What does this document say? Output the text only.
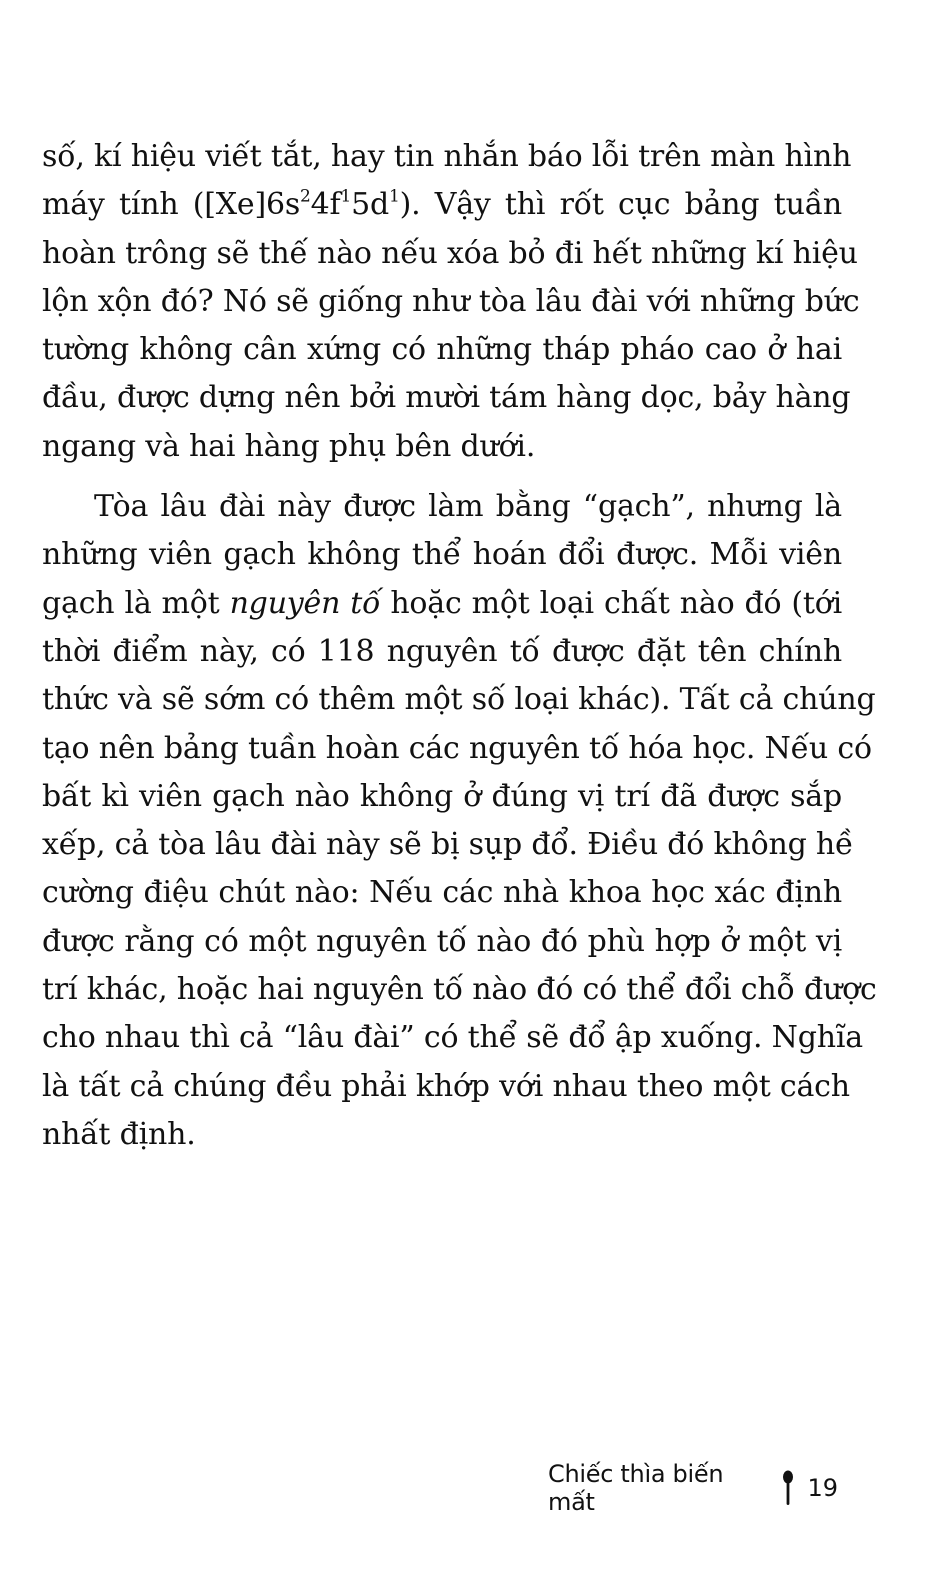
số, kí hiệu viết tắt, hay tin nhắn báo lỗi trên màn hình
máy tính $([Xe]6s^24f^15d^1)$. Vậy thì rốt cục bảng tuần
hoàn trông sẽ thế nào nếu xóa bỏ đi hết những kí hiệu
lộn xộn đó? Nó sẽ giống như tòa lâu đài với những bức
tường không cân xứng có những tháp pháo cao ở hai
đầu, được dựng nên bởi mười tám hàng dọc, bảy hàng
ngang và hai hàng phụ bên dưới.
Tòa lâu đài này được làm bằng “gạch”, nhưng là
những viên gạch không thể hoán đổi được. Mỗi viên
gạch là một nguyên tố hoặc một loại chất nào đó (tới
thời điểm này, có 118 nguyên tố được đặt tên chính
thức và sẽ sớm có thêm một số loại khác). Tất cả chúng
tạo nên bảng tuần hoàn các nguyên tố hóa học. Nếu có
bất kì viên gạch nào không ở đúng vị trí đã được sắp
xếp, cả tòa lâu đài này sẽ bị sụp đổ. Điều đó không hề
cường điệu chút nào: Nếu các nhà khoa học xác định
được rằng có một nguyên tố nào đó phù hợp ở một vị
trí khác, hoặc hai nguyên tố nào đó có thể đổi chỗ được
cho nhau thì cả “lâu đài” có thể sẽ đổ ập xuống. Nghĩa
là tất cả chúng đều phải khớp với nhau theo một cách
nhất định.
Chiếc thìa biến mất	19
